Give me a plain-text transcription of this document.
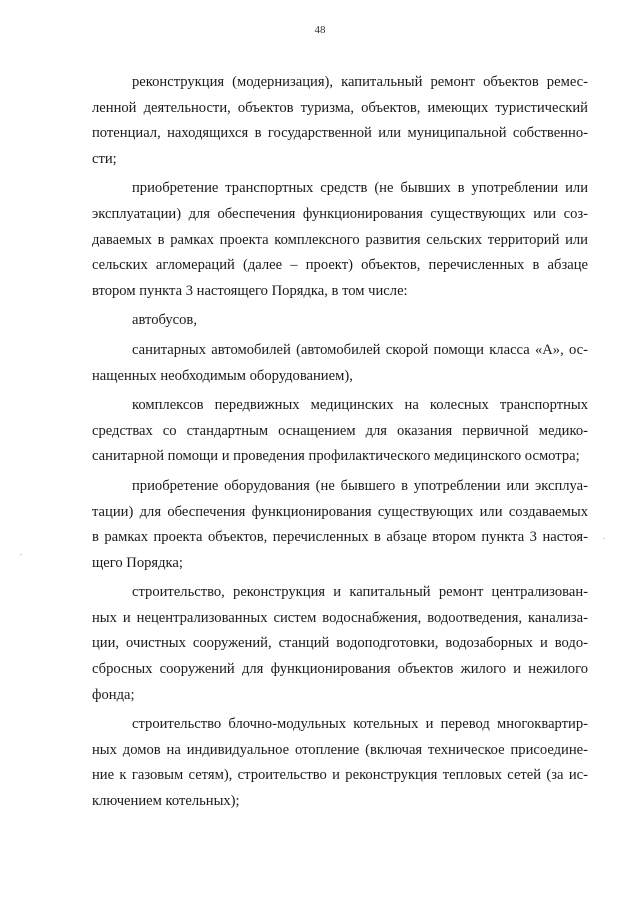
48
реконструкция (модернизация), капитальный ремонт объектов ремес-
ленной деятельности, объектов туризма, объектов, имеющих туристический
потенциал, находящихся в государственной или муниципальной собственно-
сти;
приобретение транспортных средств (не бывших в употреблении или
эксплуатации) для обеспечения функционирования существующих или соз-
даваемых в рамках проекта комплексного развития сельских территорий или
сельских агломераций (далее – проект) объектов, перечисленных в абзаце
втором пункта 3 настоящего Порядка, в том числе:
автобусов,
санитарных автомобилей (автомобилей скорой помощи класса «А», ос-
нащенных необходимым оборудованием),
комплексов передвижных медицинских на колесных транспортных
средствах со стандартным оснащением для оказания первичной медико-
санитарной помощи и проведения профилактического медицинского осмотра;
приобретение оборудования (не бывшего в употреблении или эксплуа-
тации) для обеспечения функционирования существующих или создаваемых
в рамках проекта объектов, перечисленных в абзаце втором пункта 3 настоя-
щего Порядка;
строительство, реконструкция и капитальный ремонт централизован-
ных и нецентрализованных систем водоснабжения, водоотведения, канализа-
ции, очистных сооружений, станций водоподготовки, водозаборных и водо-
сбросных сооружений для функционирования объектов жилого и нежилого
фонда;
строительство блочно-модульных котельных и перевод многоквартир-
ных домов на индивидуальное отопление (включая техническое присоедине-
ние к газовым сетям), строительство и реконструкция тепловых сетей (за ис-
ключением котельных);
.
.
